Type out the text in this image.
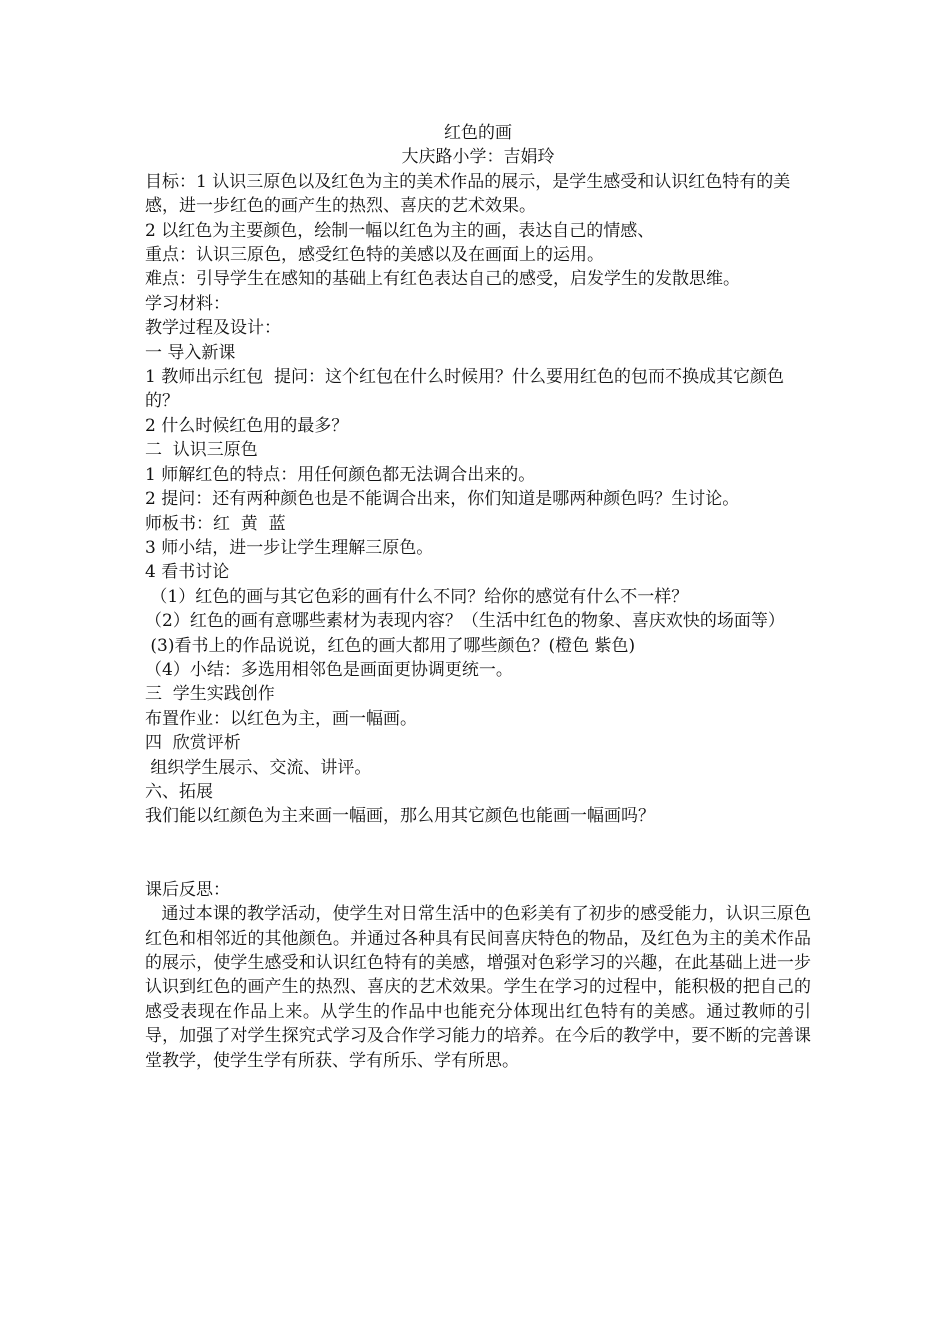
红色的画

大庆路小学：吉娟玲

目标：1 认识三原色以及红色为主的美术作品的展示，是学生感受和认识红色特有的美感，进一步红色的画产生的热烈、喜庆的艺术效果。

2 以红色为主要颜色，绘制一幅以红色为主的画，表达自己的情感、

重点：认识三原色，感受红色特的美感以及在画面上的运用。

难点：引导学生在感知的基础上有红色表达自己的感受，启发学生的发散思维。

学习材料：

教学过程及设计：

一 导入新课

1 教师出示红包  提问：这个红包在什么时候用？什么要用红色的包而不换成其它颜色的？

2 什么时候红色用的最多？

二  认识三原色

1 师解红色的特点：用任何颜色都无法调合出来的。

2 提问：还有两种颜色也是不能调合出来，你们知道是哪两种颜色吗？生讨论。

师板书：红  黄  蓝

3 师小结，进一步让学生理解三原色。

4 看书讨论

（1）红色的画与其它色彩的画有什么不同？给你的感觉有什么不一样？

（2）红色的画有意哪些素材为表现内容？（生活中红色的物象、喜庆欢快的场面等）

(3)看书上的作品说说，红色的画大都用了哪些颜色？(橙色 紫色)

（4）小结：多选用相邻色是画面更协调更统一。

三  学生实践创作

布置作业：以红色为主，画一幅画。

四  欣赏评析

组织学生展示、交流、讲评。

六、拓展

我们能以红颜色为主来画一幅画，那么用其它颜色也能画一幅画吗？

课后反思：

通过本课的教学活动，使学生对日常生活中的色彩美有了初步的感受能力，认识三原色红色和相邻近的其他颜色。并通过各种具有民间喜庆特色的物品，及红色为主的美术作品的展示，使学生感受和认识红色特有的美感，增强对色彩学习的兴趣，在此基础上进一步认识到红色的画产生的热烈、喜庆的艺术效果。学生在学习的过程中，能积极的把自己的感受表现在作品上来。从学生的作品中也能充分体现出红色特有的美感。通过教师的引导，加强了对学生探究式学习及合作学习能力的培养。在今后的教学中，要不断的完善课堂教学，使学生学有所获、学有所乐、学有所思。
